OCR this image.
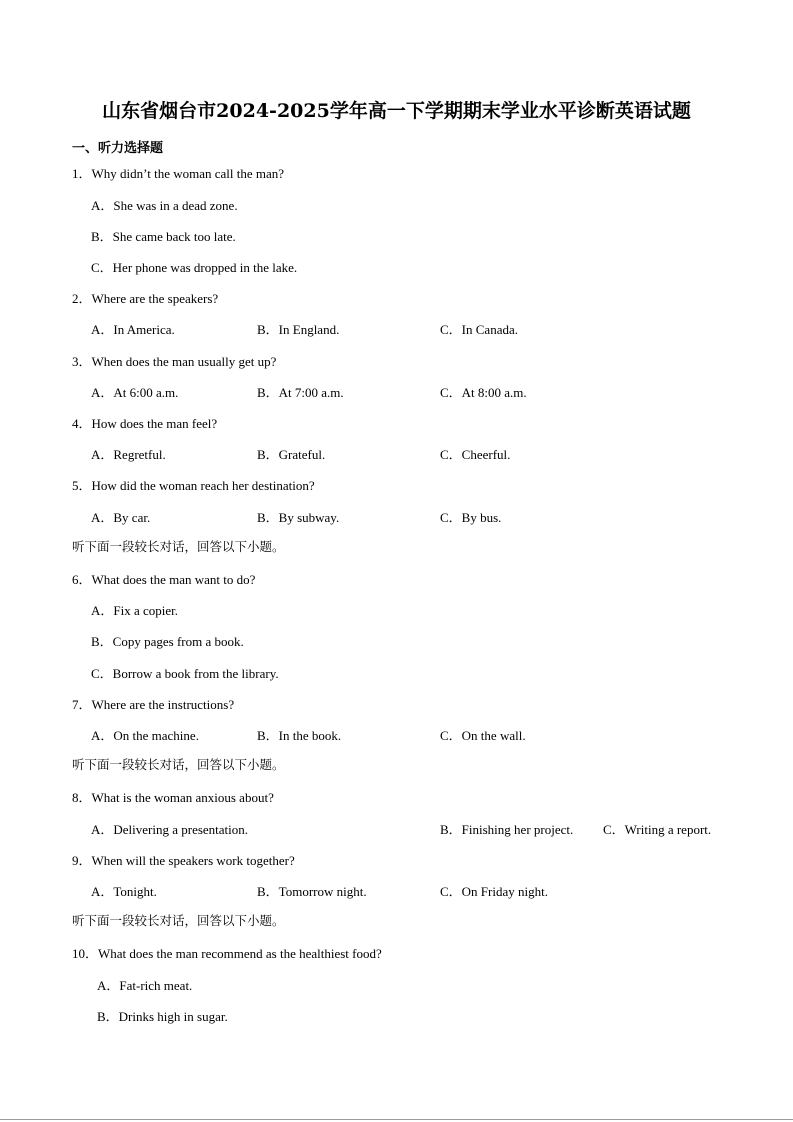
山东省烟台市2024-2025学年高一下学期期末学业水平诊断英语试题
一、听力选择题
1．Why didn’t the woman call the man?
A．She was in a dead zone.
B．She came back too late.
C．Her phone was dropped in the lake.
2．Where are the speakers?
A．In America.	B．In England.	C．In Canada.
3．When does the man usually get up?
A．At 6:00 a.m.	B．At 7:00 a.m.	C．At 8:00 a.m.
4．How does the man feel?
A．Regretful.	B．Grateful.	C．Cheerful.
5．How did the woman reach her destination?
A．By car.	B．By subway.	C．By bus.
听下面一段较长对话，回答以下小题。
6．What does the man want to do?
A．Fix a copier.
B．Copy pages from a book.
C．Borrow a book from the library.
7．Where are the instructions?
A．On the machine.	B．In the book.	C．On the wall.
听下面一段较长对话，回答以下小题。
8．What is the woman anxious about?
A．Delivering a presentation.	B．Finishing her project. C．Writing a report.
9．When will the speakers work together?
A．Tonight.	B．Tomorrow night.	C．On Friday night.
听下面一段较长对话，回答以下小题。
10．What does the man recommend as the healthiest food?
A．Fat-rich meat.
B．Drinks high in sugar.
